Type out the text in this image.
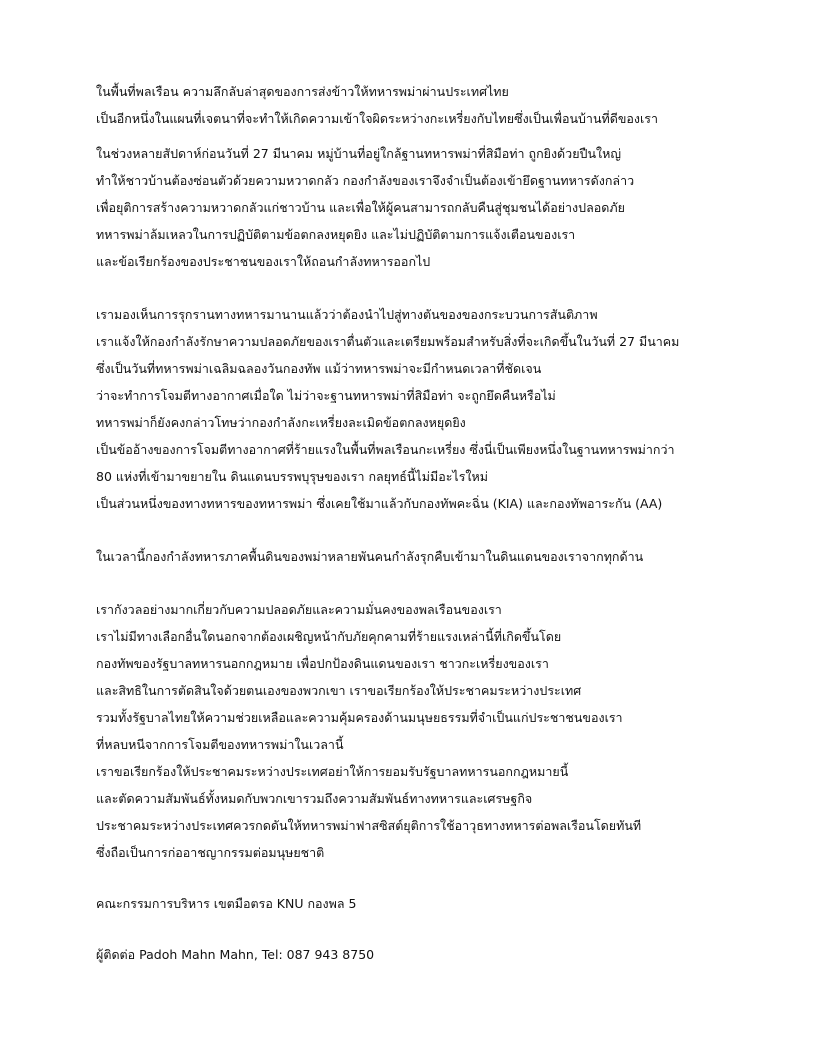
ในพื้นที่พลเรือน ความลึกลับล่าสุดของการส่งข้าวให้ทหารพม่าผ่านประเทศไทย
เป็นอีกหนึ่งในแผนที่เจตนาที่จะทำให้เกิดความเข้าใจผิดระหว่างกะเหรี่ยงกับไทยซึ่งเป็นเพื่อนบ้านที่ดีของเรา
ในช่วงหลายสัปดาห์ก่อนวันที่ 27 มีนาคม หมู่บ้านที่อยู่ใกล้ฐานทหารพม่าที่สิมือท่า ถูกยิงด้วยปืนใหญ่
ทำให้ชาวบ้านต้องซ่อนตัวด้วยความหวาดกลัว กองกำลังของเราจึงจำเป็นต้องเข้ายึดฐานทหารดังกล่าว
เพื่อยุติการสร้างความหวาดกลัวแก่ชาวบ้าน และเพื่อให้ผู้คนสามารถกลับคืนสู่ชุมชนได้อย่างปลอดภัย
ทหารพม่าล้มเหลวในการปฏิบัติตามข้อตกลงหยุดยิง และไม่ปฏิบัติตามการแจ้งเตือนของเรา
และข้อเรียกร้องของประชาชนของเราให้ถอนกำลังทหารออกไป
เรามองเห็นการรุกรานทางทหารมานานแล้วว่าต้องนำไปสู่ทางตันของของกระบวนการสันติภาพ
เราแจ้งให้กองกำลังรักษาความปลอดภัยของเราตื่นตัวและเตรียมพร้อมสำหรับสิ่งที่จะเกิดขึ้นในวันที่ 27 มีนาคม
ซึ่งเป็นวันที่ทหารพม่าเฉลิมฉลองวันกองทัพ แม้ว่าทหารพม่าจะมีกำหนดเวลาที่ชัดเจน
ว่าจะทำการโจมตีทางอากาศเมื่อใด ไม่ว่าจะฐานทหารพม่าที่สิมือท่า จะถูกยึดคืนหรือไม่
ทหารพม่าก็ยังคงกล่าวโทษว่ากองกำลังกะเหรี่ยงละเมิดข้อตกลงหยุดยิง
เป็นข้ออ้างของการโจมตีทางอากาศที่ร้ายแรงในพื้นที่พลเรือนกะเหรี่ยง ซึ่งนี่เป็นเพียงหนึ่งในฐานทหารพม่ากว่า
80 แห่งที่เข้ามาขยายใน ดินแดนบรรพบุรุษของเรา กลยุทธ์นี้ไม่มีอะไรใหม่
เป็นส่วนหนึ่งของทางทหารของทหารพม่า ซึ่งเคยใช้มาแล้วกับกองทัพคะฉิ่น (KIA) และกองทัพอาระกัน (AA)
ในเวลานี้กองกำลังทหารภาคพื้นดินของพม่าหลายพันคนกำลังรุกคืบเข้ามาในดินแดนของเราจากทุกด้าน
เรากังวลอย่างมากเกี่ยวกับความปลอดภัยและความมั่นคงของพลเรือนของเรา
เราไม่มีทางเลือกอื่นใดนอกจากต้องเผชิญหน้ากับภัยคุกคามที่ร้ายแรงเหล่านี้ที่เกิดขึ้นโดย
กองทัพของรัฐบาลทหารนอกกฎหมาย เพื่อปกป้องดินแดนของเรา ชาวกะเหรี่ยงของเรา
และสิทธิในการตัดสินใจด้วยตนเองของพวกเขา เราขอเรียกร้องให้ประชาคมระหว่างประเทศ
รวมทั้งรัฐบาลไทยให้ความช่วยเหลือและความคุ้มครองด้านมนุษยธรรมที่จำเป็นแก่ประชาชนของเรา
ที่หลบหนีจากการโจมตีของทหารพม่าในเวลานี้
เราขอเรียกร้องให้ประชาคมระหว่างประเทศอย่าให้การยอมรับรัฐบาลทหารนอกกฎหมายนี้
และตัดความสัมพันธ์ทั้งหมดกับพวกเขารวมถึงความสัมพันธ์ทางทหารและเศรษฐกิจ
ประชาคมระหว่างประเทศควรกดดันให้ทหารพม่าฟาสซิสต์ยุติการใช้อาวุธทางทหารต่อพลเรือนโดยทันที
ซึ่งถือเป็นการก่ออาชญากรรมต่อมนุษยชาติ
คณะกรรมการบริหาร เขตมือตรอ KNU กองพล 5
ผู้ติดต่อ Padoh Mahn Mahn, Tel: 087 943 8750
